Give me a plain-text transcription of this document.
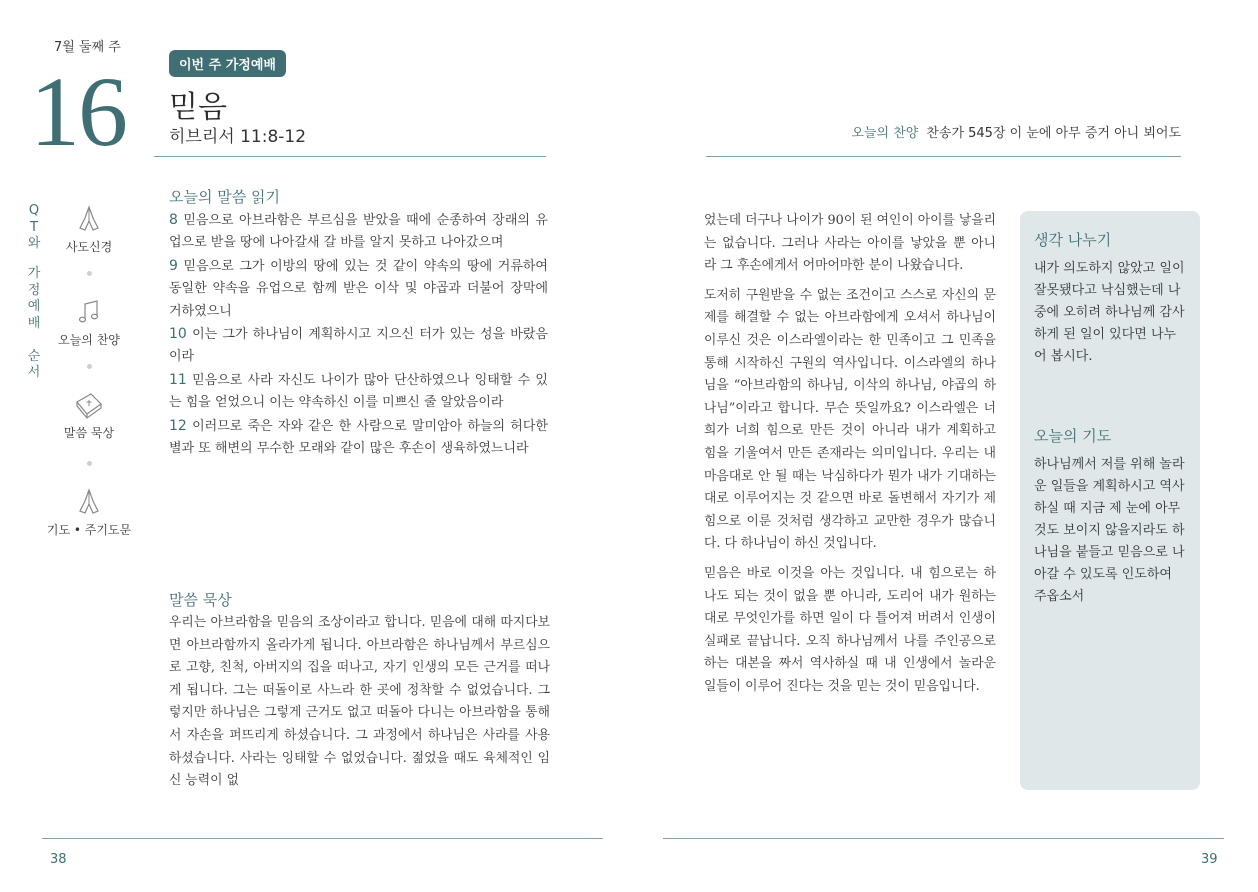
7월 둘째 주
16	이번 주 가정예배
믿음
히브리서 11:8-12
Q
T
와
가
정
예
배
순
서
사도신경
오늘의 찬양
말씀 묵상
기도 • 주기도문
오늘의 말씀 읽기
8 믿음으로 아브라함은 부르심을 받았을 때에 순종하여 장래의 유업으로 받을 땅에 나아갈새 갈 바를 알지 못하고 나아갔으며
9 믿음으로 그가 이방의 땅에 있는 것 같이 약속의 땅에 거류하여 동일한 약속을 유업으로 함께 받은 이삭 및 야곱과 더불어 장막에 거하였으니
10 이는 그가 하나님이 계획하시고 지으신 터가 있는 성을 바랐음이라
11 믿음으로 사라 자신도 나이가 많아 단산하였으나 잉태할 수 있는 힘을 얻었으니 이는 약속하신 이를 미쁘신 줄 알았음이라
12 이러므로 죽은 자와 같은 한 사람으로 말미암아 하늘의 허다한 별과 또 해변의 무수한 모래와 같이 많은 후손이 생육하였느니라
말씀 묵상
우리는 아브라함을 믿음의 조상이라고 합니다. 믿음에 대해 따지다보면 아브라함까지 올라가게 됩니다. 아브라함은 하나님께서 부르심으로 고향, 친척, 아버지의 집을 떠나고, 자기 인생의 모든 근거를 떠나게 됩니다. 그는 떠돌이로 사느라 한 곳에 정착할 수 없었습니다. 그렇지만 하나님은 그렇게 근거도 없고 떠돌아 다니는 아브라함을 통해서 자손을 퍼뜨리게 하셨습니다. 그 과정에서 하나님은 사라를 사용하셨습니다. 사라는 잉태할 수 없었습니다. 젊었을 때도 육체적인 임신 능력이 없
38
오늘의 찬양 찬송가 545장 이 눈에 아무 증거 아니 뵈어도

었는데 더구나 나이가 90이 된 여인이 아이를 낳을리는 없습니다. 그러나 사라는 아이를 낳았을 뿐 아니라 그 후손에게서 어마어마한 분이 나왔습니다.

도저히 구원받을 수 없는 조건이고 스스로 자신의 문제를 해결할 수 없는 아브라함에게 오셔서 하나님이 이루신 것은 이스라엘이라는 한 민족이고 그 민족을 통해 시작하신 구원의 역사입니다. 이스라엘의 하나님을 “아브라함의 하나님, 이삭의 하나님, 야곱의 하나님”이라고 합니다. 무슨 뜻일까요? 이스라엘은 너희가 너희 힘으로 만든 것이 아니라 내가 계획하고 힘을 기울여서 만든 존재라는 의미입니다. 우리는 내 마음대로 안 될 때는 낙심하다가 뭔가 내가 기대하는 대로 이루어지는 것 같으면 바로 돌변해서 자기가 제힘으로 이룬 것처럼 생각하고 교만한 경우가 많습니다. 다 하나님이 하신 것입니다.

믿음은 바로 이것을 아는 것입니다. 내 힘으로는 하나도 되는 것이 없을 뿐 아니라, 도리어 내가 원하는 대로 무엇인가를 하면 일이 다 틀어져 버려서 인생이 실패로 끝납니다. 오직 하나님께서 나를 주인공으로 하는 대본을 짜서 역사하실 때 내 인생에서 놀라운 일들이 이루어 진다는 것을 믿는 것이 믿음입니다.

생각 나누기
내가 의도하지 않았고 일이 잘못됐다고 낙심했는데 나중에 오히려 하나님께 감사하게 된 일이 있다면 나누어 봅시다.
오늘의 기도
하나님께서 저를 위해 놀라운 일들을 계획하시고 역사하실 때 지금 제 눈에 아무것도 보이지 않을지라도 하나님을 붙들고 믿음으로 나아갈 수 있도록 인도하여 주옵소서
39
